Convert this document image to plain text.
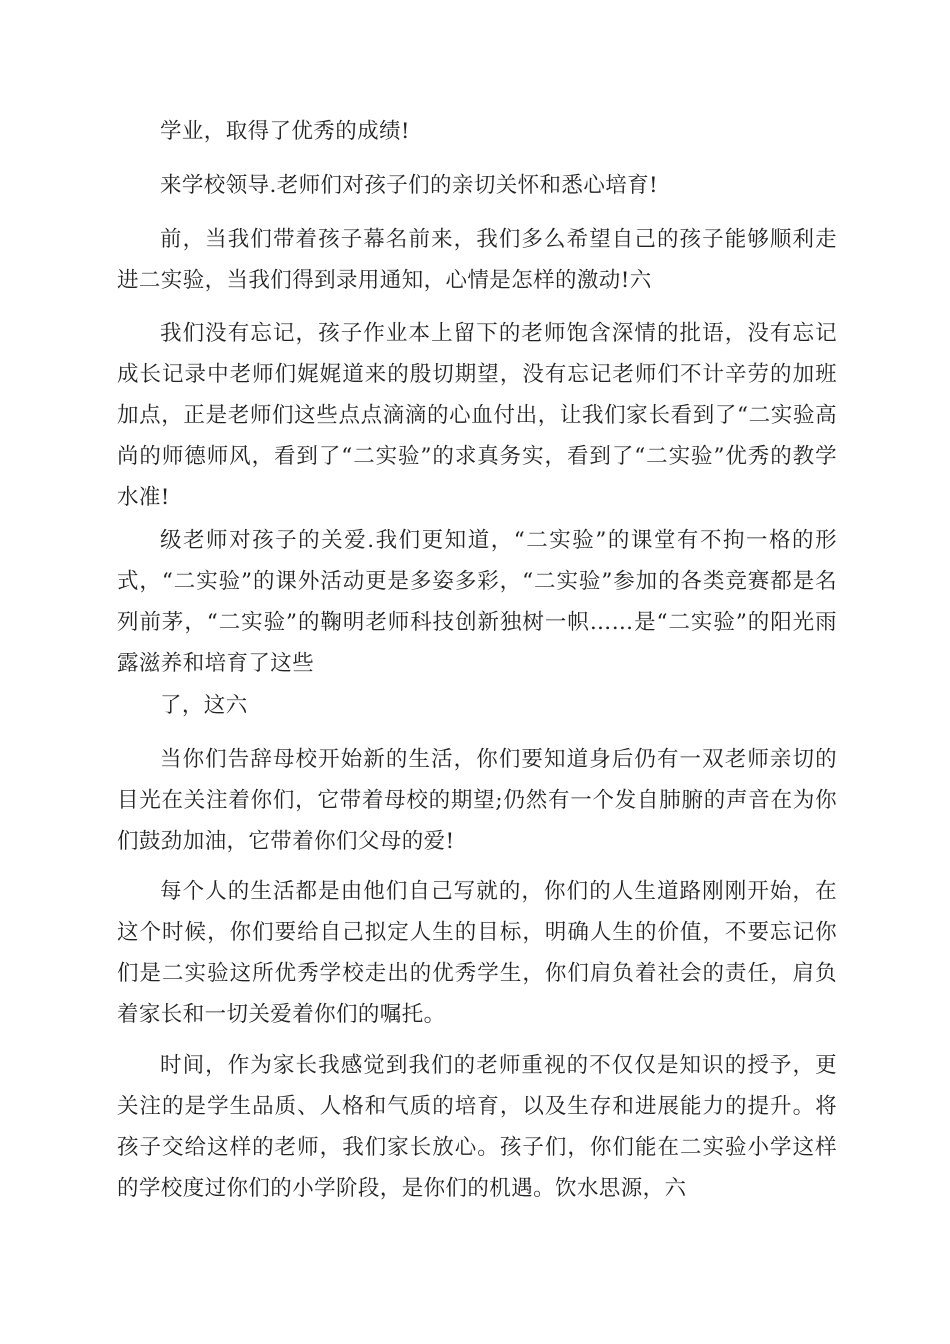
学业，取得了优秀的成绩!

来学校领导.老师们对孩子们的亲切关怀和悉心培育!

前，当我们带着孩子幕名前来，我们多么希望自己的孩子能够顺利走进二实验，当我们得到录用通知，心情是怎样的激动!六

我们没有忘记，孩子作业本上留下的老师饱含深情的批语，没有忘记成长记录中老师们娓娓道来的殷切期望，没有忘记老师们不计辛劳的加班加点，正是老师们这些点点滴滴的心血付出，让我们家长看到了“二实验高尚的师德师风，看到了“二实验”的求真务实，看到了“二实验”优秀的教学水准!

级老师对孩子的关爱.我们更知道，“二实验”的课堂有不拘一格的形式，“二实验”的课外活动更是多姿多彩，“二实验”参加的各类竞赛都是名列前茅，“二实验”的鞠明老师科技创新独树一帜……是“二实验”的阳光雨露滋养和培育了这些

了，这六

当你们告辞母校开始新的生活，你们要知道身后仍有一双老师亲切的目光在关注着你们，它带着母校的期望;仍然有一个发自肺腑的声音在为你们鼓劲加油，它带着你们父母的爱!

每个人的生活都是由他们自己写就的，你们的人生道路刚刚开始，在这个时候，你们要给自己拟定人生的目标，明确人生的价值，不要忘记你们是二实验这所优秀学校走出的优秀学生，你们肩负着社会的责任，肩负着家长和一切关爱着你们的嘱托。

时间，作为家长我感觉到我们的老师重视的不仅仅是知识的授予，更关注的是学生品质、人格和气质的培育，以及生存和进展能力的提升。将孩子交给这样的老师，我们家长放心。孩子们，你们能在二实验小学这样的学校度过你们的小学阶段，是你们的机遇。饮水思源，六
